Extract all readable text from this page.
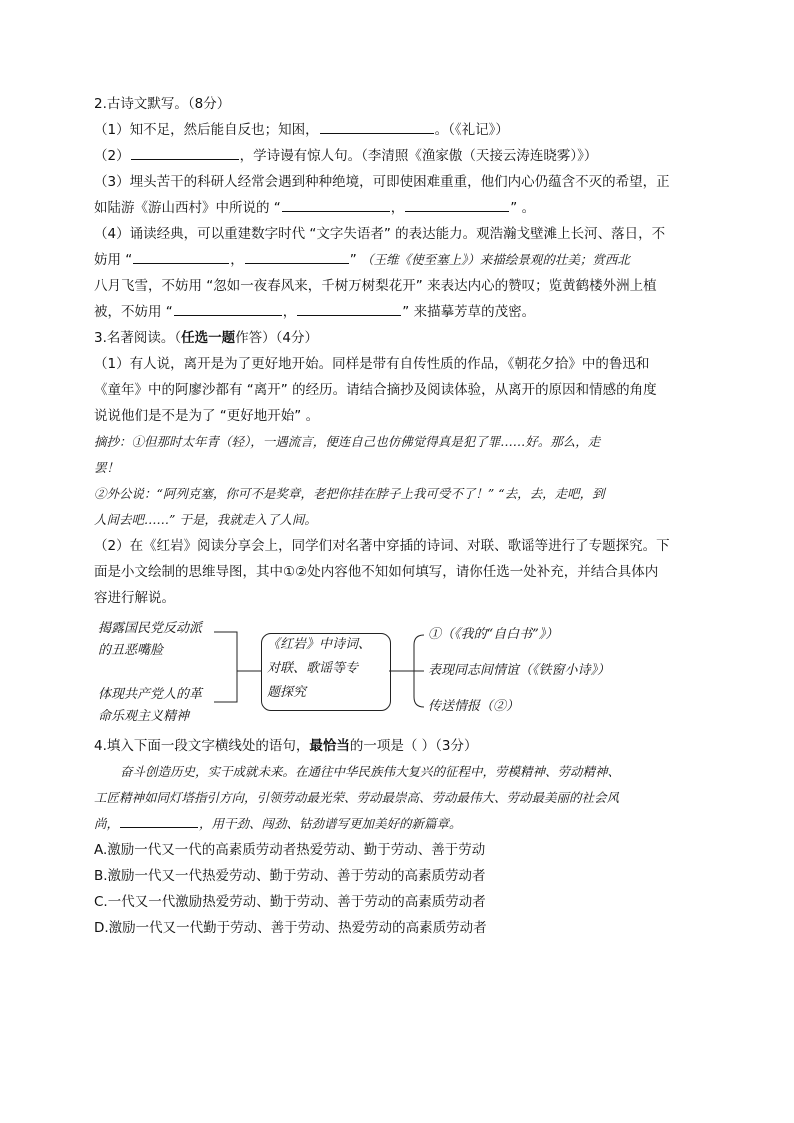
2.古诗文默写。（8分）
（1）知不足，然后能自反也；知困，	。（《礼记》）
（2）	，学诗谩有惊人句。（李清照《渔家傲（天接云涛连晓雾）》）
（3）埋头苦干的科研人经常会遇到种种绝境，可即使困难重重，他们内心仍蕴含不灭的希望，正
如陆游《游山西村》中所说的 “	，	” 。
（4）诵读经典，可以重建数字时代 “文字失语者” 的表达能力。观浩瀚戈壁滩上长河、落日，不
妨用 “	，	” （王维《使至塞上》）来描绘景观的壮美；赏西北
八月飞雪，不妨用 “忽如一夜春风来，千树万树梨花开” 来表达内心的赞叹；览黄鹤楼外洲上植
被，不妨用 “	，	” 来描摹芳草的茂密。
3.名著阅读。（任选一题作答）（4分）
（1）有人说，离开是为了更好地开始。同样是带有自传性质的作品，《朝花夕拾》中的鲁迅和
《童年》中的阿廖沙都有 “离开” 的经历。请结合摘抄及阅读体验，从离开的原因和情感的角度
说说他们是不是为了 “更好地开始” 。
摘抄：①但那时太年青（轻），一遇流言，便连自己也仿佛觉得真是犯了罪……好。那么，走
罢！
②外公说：“阿列克塞，你可不是奖章，老把你挂在脖子上我可受不了！” “去，去，走吧，到
人间去吧……” 于是，我就走入了人间。
（2）在《红岩》阅读分享会上，同学们对名著中穿插的诗词、对联、歌谣等进行了专题探究。下
面是小文绘制的思维导图，其中①②处内容他不知如何填写，请你任选一处补充，并结合具体内
容进行解说。
揭露国民党反动派
的丑恶嘴脸
体现共产党人的革
命乐观主义精神
《红岩》中诗词、
对联、歌谣等专
题探究
①（《我的“自白书”》）
表现同志间情谊（《铁窗小诗》）
传送情报（②）
4.填入下面一段文字横线处的语句，最恰当的一项是（ ）（3分）
奋斗创造历史，实干成就未来。在通往中华民族伟大复兴的征程中，劳模精神、劳动精神、
工匠精神如同灯塔指引方向，引领劳动最光荣、劳动最崇高、劳动最伟大、劳动最美丽的社会风
尚，	，用干劲、闯劲、钻劲谱写更加美好的新篇章。
A.激励一代又一代的高素质劳动者热爱劳动、勤于劳动、善于劳动
B.激励一代又一代热爱劳动、勤于劳动、善于劳动的高素质劳动者
C.一代又一代激励热爱劳动、勤于劳动、善于劳动的高素质劳动者
D.激励一代又一代勤于劳动、善于劳动、热爱劳动的高素质劳动者
